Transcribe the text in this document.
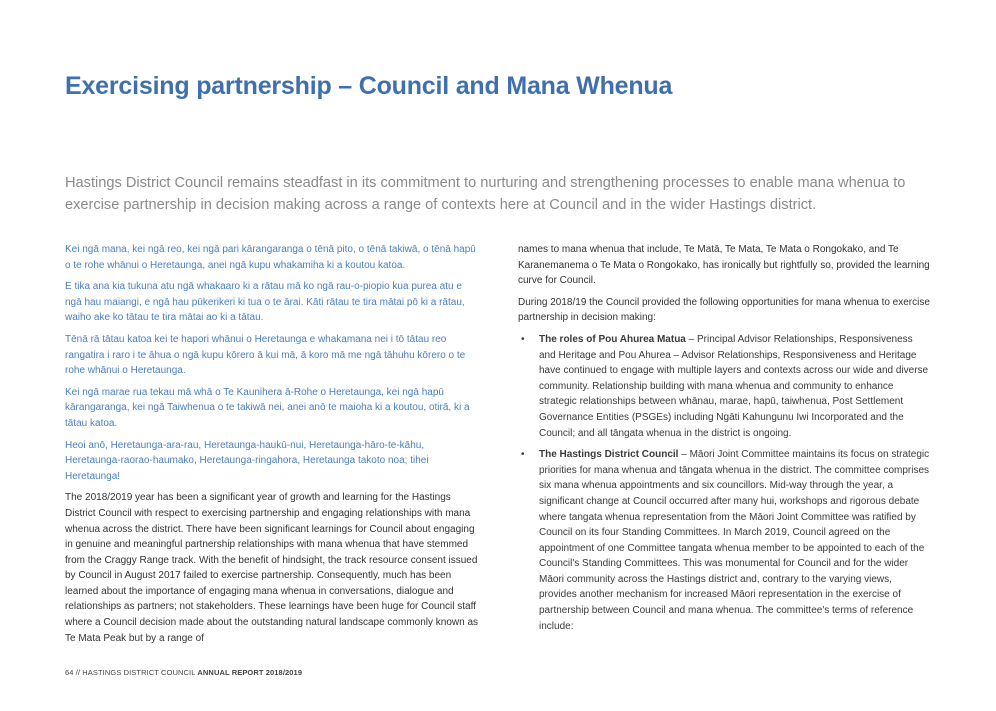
Exercising partnership – Council and Mana Whenua

Hastings District Council remains steadfast in its commitment to nurturing and strengthening processes to enable mana whenua to exercise partnership in decision making across a range of contexts here at Council and in the wider Hastings district.

Kei ngā mana, kei ngā reo, kei ngā pari kārangaranga o tēnā pito, o tēnā takiwā, o tēnā hapū o te rohe whānui o Heretaunga, anei ngā kupu whakamiha ki a koutou katoa.

E tika ana kia tukuna atu ngā whakaaro ki a rātau mā ko ngā rau-o-piopio kua purea atu e ngā hau maiangi, e ngā hau pūkerikeri ki tua o te ārai. Kāti rātau te tira mātai pō ki a rātau, waiho ake ko tātau te tira mātai ao ki a tātau.

Tēnā rā tātau katoa kei te hapori whānui o Heretaunga e whakamana nei i tō tātau reo rangatira i raro i te āhua o ngā kupu kōrero ā kui mā, ā koro mā me ngā tāhuhu kōrero o te rohe whānui o Heretaunga.

Kei ngā marae rua tekau mā whā o Te Kaunihera ā-Rohe o Heretaunga, kei ngā hapū kārangaranga, kei ngā Taiwhenua o te takiwā nei, anei anō te maioha ki a koutou, otirā, ki a tātau katoa.

Heoi anō, Heretaunga-ara-rau, Heretaunga-haukū-nui, Heretaunga-hāro-te-kāhu, Heretaunga-raorao-haumako, Heretaunga-ringahora, Heretaunga takoto noa; tihei Heretaunga!

The 2018/2019 year has been a significant year of growth and learning for the Hastings District Council with respect to exercising partnership and engaging relationships with mana whenua across the district. There have been significant learnings for Council about engaging in genuine and meaningful partnership relationships with mana whenua that have stemmed from the Craggy Range track. With the benefit of hindsight, the track resource consent issued by Council in August 2017 failed to exercise partnership. Consequently, much has been learned about the importance of engaging mana whenua in conversations, dialogue and relationships as partners; not stakeholders. These learnings have been huge for Council staff where a Council decision made about the outstanding natural landscape commonly known as Te Mata Peak but by a range of

names to mana whenua that include, Te Matā, Te Mata, Te Mata o Rongokako, and Te Karanemanema o Te Mata o Rongokako, has ironically but rightfully so, provided the learning curve for Council.

During 2018/19 the Council provided the following opportunities for mana whenua to exercise partnership in decision making:

• The roles of Pou Ahurea Matua – Principal Advisor Relationships, Responsiveness and Heritage and Pou Ahurea – Advisor Relationships, Responsiveness and Heritage have continued to engage with multiple layers and contexts across our wide and diverse community. Relationship building with mana whenua and community to enhance strategic relationships between whānau, marae, hapū, taiwhenua, Post Settlement Governance Entities (PSGEs) including Ngāti Kahungunu Iwi Incorporated and the Council; and all tāngata whenua in the district is ongoing.
• The Hastings District Council – Māori Joint Committee maintains its focus on strategic priorities for mana whenua and tāngata whenua in the district. The committee comprises six mana whenua appointments and six councillors. Mid-way through the year, a significant change at Council occurred after many hui, workshops and rigorous debate where tangata whenua representation from the Māori Joint Committee was ratified by Council on its four Standing Committees. In March 2019, Council agreed on the appointment of one Committee tangata whenua member to be appointed to each of the Council's Standing Committees. This was monumental for Council and for the wider Māori community across the Hastings district and, contrary to the varying views, provides another mechanism for increased Māori representation in the exercise of partnership between Council and mana whenua. The committee's terms of reference include:
64 // HASTINGS DISTRICT COUNCIL ANNUAL REPORT 2018/2019
